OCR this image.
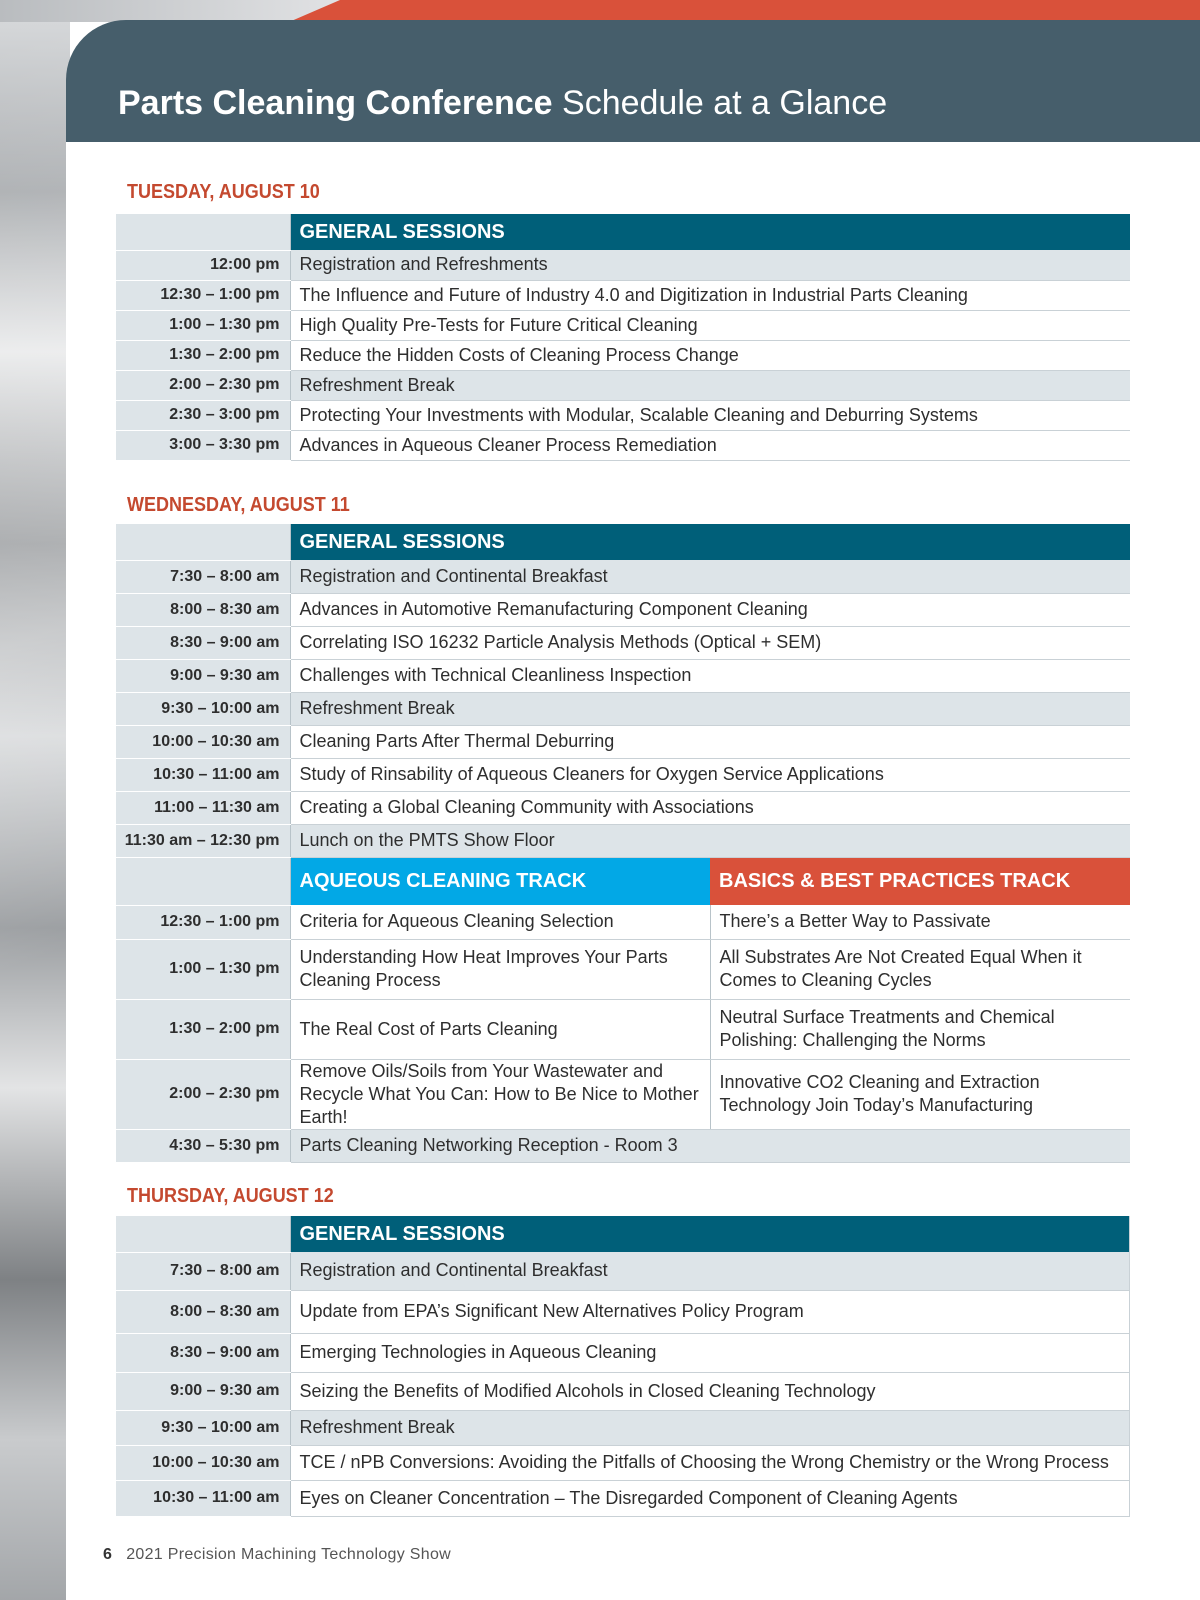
Parts Cleaning Conference Schedule at a Glance
TUESDAY, AUGUST 10
	GENERAL SESSIONS
12:00 pm	Registration and Refreshments
12:30 – 1:00 pm	The Influence and Future of Industry 4.0 and Digitization in Industrial Parts Cleaning
1:00 – 1:30 pm	High Quality Pre-Tests for Future Critical Cleaning
1:30 – 2:00 pm	Reduce the Hidden Costs of Cleaning Process Change
2:00 – 2:30 pm	Refreshment Break
2:30 – 3:00 pm	Protecting Your Investments with Modular, Scalable Cleaning and Deburring Systems
3:00 – 3:30 pm	Advances in Aqueous Cleaner Process Remediation
WEDNESDAY, AUGUST 11
	GENERAL SESSIONS	
7:30 – 8:00 am	Registration and Continental Breakfast	
8:00 – 8:30 am	Advances in Automotive Remanufacturing Component Cleaning	
8:30 – 9:00 am	Correlating ISO 16232 Particle Analysis Methods (Optical + SEM)	
9:00 – 9:30 am	Challenges with Technical Cleanliness Inspection	
9:30 – 10:00 am	Refreshment Break	
10:00 – 10:30 am	Cleaning Parts After Thermal Deburring	
10:30 – 11:00 am	Study of Rinsability of Aqueous Cleaners for Oxygen Service Applications	
11:00 – 11:30 am	Creating a Global Cleaning Community with Associations	
11:30 am – 12:30 pm	Lunch on the PMTS Show Floor	
	AQUEOUS CLEANING TRACK	BASICS & BEST PRACTICES TRACK
12:30 – 1:00 pm	Criteria for Aqueous Cleaning Selection	There’s a Better Way to Passivate
1:00 – 1:30 pm	Understanding How Heat Improves Your Parts Cleaning Process	All Substrates Are Not Created Equal When it Comes to Cleaning Cycles
1:30 – 2:00 pm	The Real Cost of Parts Cleaning	Neutral Surface Treatments and Chemical Polishing: Challenging the Norms
2:00 – 2:30 pm	Remove Oils/Soils from Your Wastewater and Recycle What You Can: How to Be Nice to Mother Earth!	Innovative CO2 Cleaning and Extraction Technology Join Today’s Manufacturing
4:30 – 5:30 pm	Parts Cleaning Networking Reception - Room 3	
THURSDAY, AUGUST 12
	GENERAL SESSIONS
7:30 – 8:00 am	Registration and Continental Breakfast
8:00 – 8:30 am	Update from EPA’s Significant New Alternatives Policy Program
8:30 – 9:00 am	Emerging Technologies in Aqueous Cleaning
9:00 – 9:30 am	Seizing the Benefits of Modified Alcohols in Closed Cleaning Technology
9:30 – 10:00 am	Refreshment Break
10:00 – 10:30 am	TCE / nPB Conversions: Avoiding the Pitfalls of Choosing the Wrong Chemistry or the Wrong Process
10:30 – 11:00 am	Eyes on Cleaner Concentration – The Disregarded Component of Cleaning Agents

6 2021 Precision Machining Technology Show
